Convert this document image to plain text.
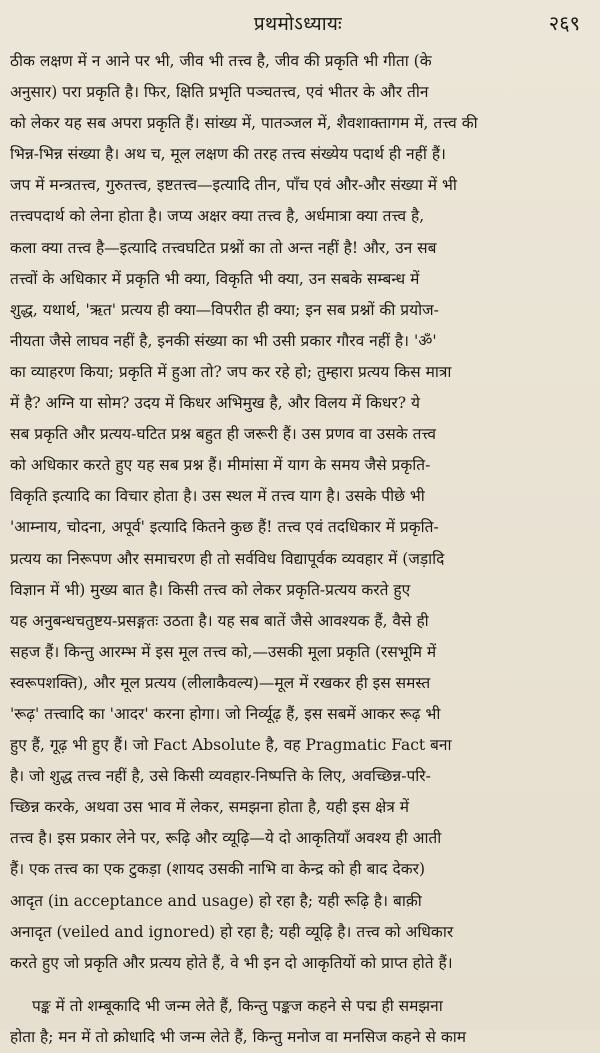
प्रथमोऽध्यायः	२६९
ठीक लक्षण में न आने पर भी, जीव भी तत्त्व है, जीव की प्रकृति भी गीता (के
अनुसार) परा प्रकृति है। फिर, क्षिति प्रभृति पञ्चतत्त्व, एवं भीतर के और तीन
को लेकर यह सब अपरा प्रकृति हैं। सांख्य में, पातञ्जल में, शैवशाक्तागम में, तत्त्व की
भिन्न-भिन्न संख्या है। अथ च, मूल लक्षण की तरह तत्त्व संख्येय पदार्थ ही नहीं हैं।
जप में मन्त्रतत्त्व, गुरुतत्त्व, इष्टतत्त्व—इत्यादि तीन, पाँच एवं और-और संख्या में भी
तत्त्वपदार्थ को लेना होता है। जप्य अक्षर क्या तत्त्व है, अर्धमात्रा क्या तत्त्व है,
कला क्या तत्त्व है—इत्यादि तत्त्वघटित प्रश्नों का तो अन्त नहीं है! और, उन सब
तत्त्वों के अधिकार में प्रकृति भी क्या, विकृति भी क्या, उन सबके सम्बन्ध में
शुद्ध, यथार्थ, 'ऋत' प्रत्यय ही क्या—विपरीत ही क्या; इन सब प्रश्नों की प्रयोज-
नीयता जैसे लाघव नहीं है, इनकी संख्या का भी उसी प्रकार गौरव नहीं है। 'ॐ'
का व्याहरण किया; प्रकृति में हुआ तो? जप कर रहे हो; तुम्हारा प्रत्यय किस मात्रा
में है? अग्नि या सोम? उदय में किधर अभिमुख है, और विलय में किधर? ये
सब प्रकृति और प्रत्यय-घटित प्रश्न बहुत ही जरूरी हैं। उस प्रणव वा उसके तत्त्व
को अधिकार करते हुए यह सब प्रश्न हैं। मीमांसा में याग के समय जैसे प्रकृति-
विकृति इत्यादि का विचार होता है। उस स्थल में तत्त्व याग है। उसके पीछे भी
'आम्नाय, चोदना, अपूर्व' इत्यादि कितने कुछ हैं! तत्त्व एवं तदधिकार में प्रकृति-
प्रत्यय का निरूपण और समाचरण ही तो सर्वविध विद्यापूर्वक व्यवहार में (जड़ादि
विज्ञान में भी) मुख्य बात है। किसी तत्त्व को लेकर प्रकृति-प्रत्यय करते हुए
यह अनुबन्धचतुष्टय-प्रसङ्गतः उठता है। यह सब बातें जैसे आवश्यक हैं, वैसे ही
सहज हैं। किन्तु आरम्भ में इस मूल तत्त्व को,—उसकी मूला प्रकृति (रसभूमि में
स्वरूपशक्ति), और मूल प्रत्यय (लीलाकैवल्य)—मूल में रखकर ही इस समस्त
'रूढ़' तत्त्वादि का 'आदर' करना होगा। जो निर्व्यूढ़ हैं, इस सबमें आकर रूढ़ भी
हुए हैं, गूढ़ भी हुए हैं। जो Fact Absolute है, वह Pragmatic Fact बना
है। जो शुद्ध तत्त्व नहीं है, उसे किसी व्यवहार-निष्पत्ति के लिए, अवच्छिन्न-परि-
च्छिन्न करके, अथवा उस भाव में लेकर, समझना होता है, यही इस क्षेत्र में
तत्त्व है। इस प्रकार लेने पर, रूढ़ि और व्यूढ़ि—ये दो आकृतियाँ अवश्य ही आती
हैं। एक तत्त्व का एक टुकड़ा (शायद उसकी नाभि वा केन्द्र को ही बाद देकर)
आदृत (in acceptance and usage) हो रहा है; यही रूढ़ि है। बाक़ी
अनादृत (veiled and ignored) हो रहा है; यही व्यूढ़ि है। तत्त्व को अधिकार
करते हुए जो प्रकृति और प्रत्यय होते हैं, वे भी इन दो आकृतियों को प्राप्त होते हैं।
पङ्क में तो शम्बूकादि भी जन्म लेते हैं, किन्तु पङ्कज कहने से पद्म ही समझना
होता है; मन में तो क्रोधादि भी जन्म लेते हैं, किन्तु मनोज वा मनसिज कहने से काम
